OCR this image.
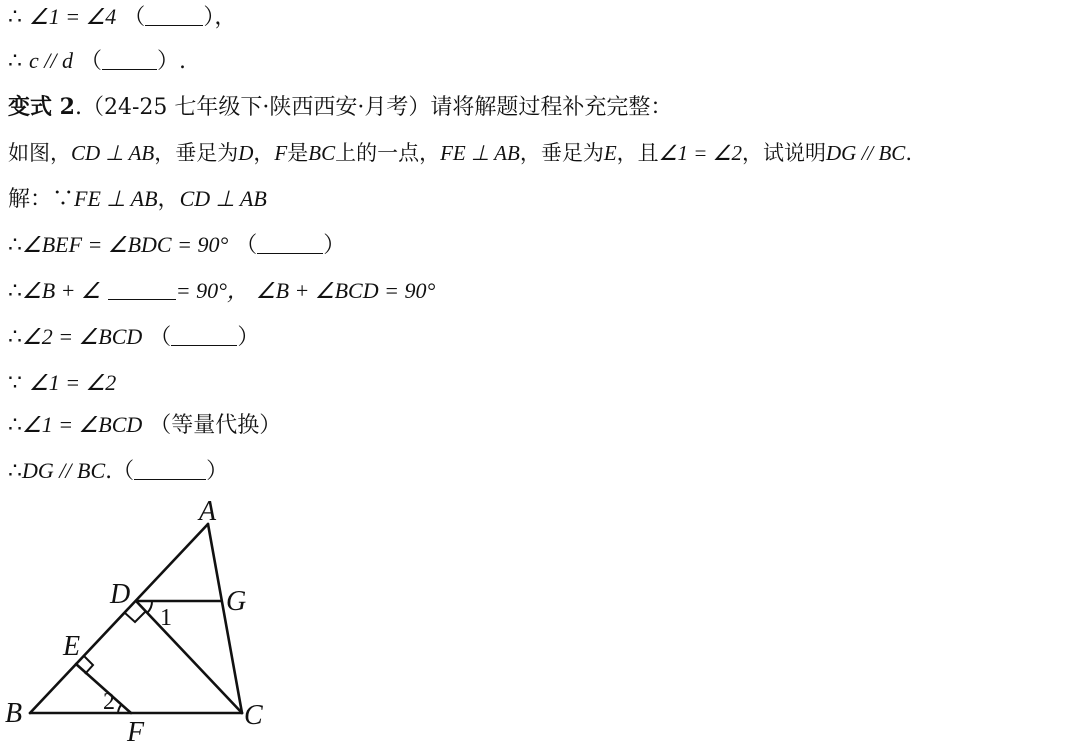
∴ ∠1 = ∠4 （	），
∴ c // d （	）.
变式 2.（24-25 七年级下·陕西西安·月考）请将解题过程补充完整：
如图，CD ⊥ AB，垂足为D，F是BC上的一点，FE ⊥ AB，垂足为E，且∠1 = ∠2，试说明DG // BC.
解：∵FE ⊥ AB，CD ⊥ AB
∴∠BEF = ∠BDC = 90° （	）
∴∠B + ∠	= 90°， ∠B + ∠BCD = 90°
∴∠2 = ∠BCD （	）
∵ ∠1 = ∠2
∴∠1 = ∠BCD （等量代换）
∴DG // BC.（	）
A
B	C
D
E
F
G
1
2
